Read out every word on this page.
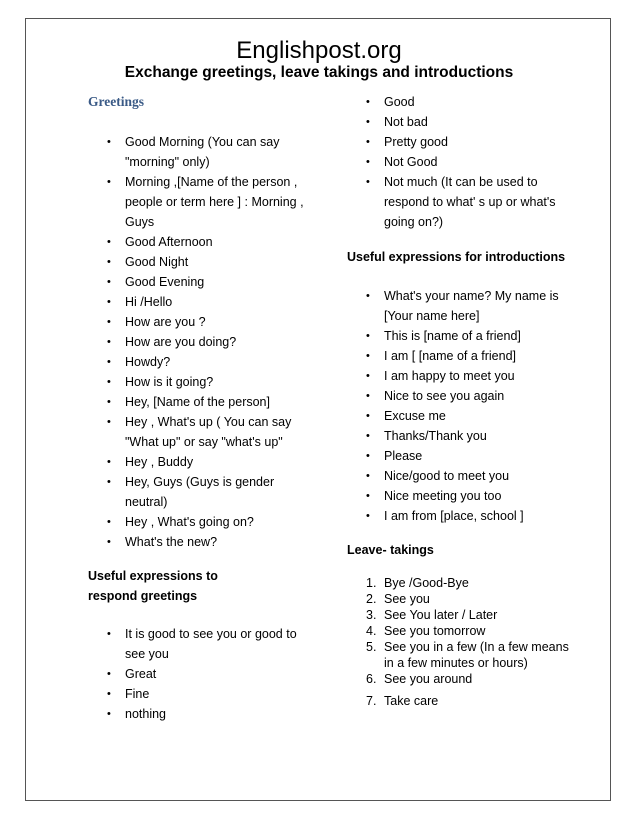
Englishpost.org
Exchange greetings, leave takings and introductions
Greetings
• Good Morning (You can say
"morning" only)
• Morning ,[Name of the person ,
people or term here ] : Morning ,
Guys
• Good Afternoon
• Good Night
• Good Evening
• Hi /Hello
• How are you ?
• How are you doing?
• Howdy?
• How is it going?
• Hey, [Name of the person]
• Hey , What's up ( You can say
"What up" or say "what's up"
• Hey , Buddy
• Hey, Guys (Guys is gender
neutral)
• Hey , What's going on?
• What's the new?
Useful expressions to
respond greetings
• It is good to see you or good to
see you
• Great
• Fine
• nothing
• Good
• Not bad
• Pretty good
• Not Good
• Not much (It can be used to
respond to what' s up or what's
going on?)
Useful expressions for introductions
• What's your name? My name is
[Your name here]
• This is [name of a friend]
• I am [ [name of a friend]
• I am happy to meet you
• Nice to see you again
• Excuse me
• Thanks/Thank you
• Please
• Nice/good to meet you
• Nice meeting you too
• I am from [place, school ]
Leave- takings
1. Bye /Good-Bye
2. See you
3. See You later / Later
4. See you tomorrow
5. See you in a few (In a few means
in a few minutes or hours)
6. See you around
7. Take care
